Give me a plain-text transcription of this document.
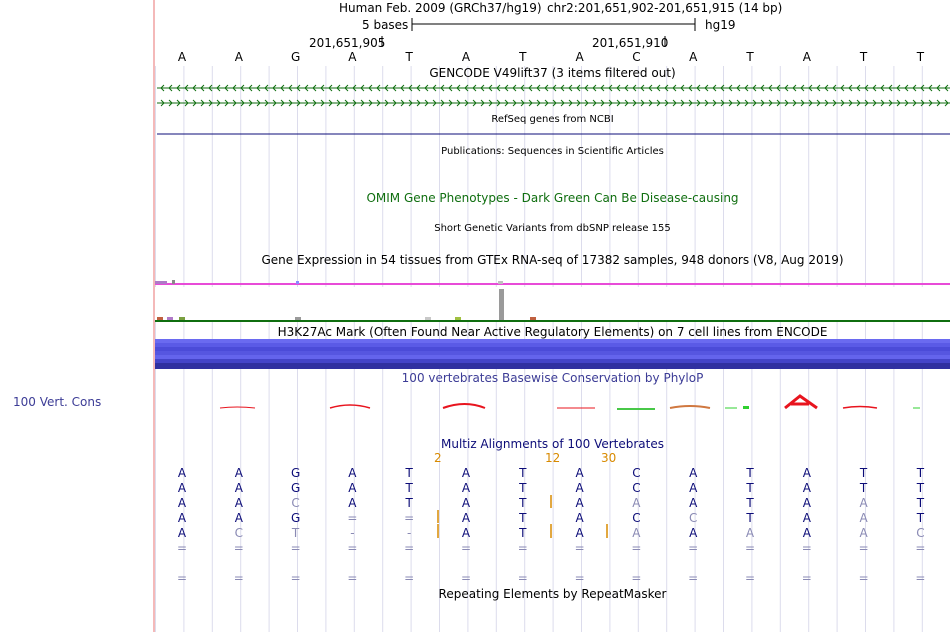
100 Vert. Cons
Human Feb. 2009 (GRCh37/hg19) chr2:201,651,902-201,651,915 (14 bp)
5 bases	hg19
201,651,905	201,651,910
A	A	G	A	T	A	T	A	C	A	T	A	T	T
GENCODE V49lift37 (3 items filtered out)
RefSeq genes from NCBI
Publications: Sequences in Scientific Articles
OMIM Gene Phenotypes - Dark Green Can Be Disease-causing
Short Genetic Variants from dbSNP release 155
Gene Expression in 54 tissues from GTEx RNA-seq of 17382 samples, 948 donors (V8, Aug 2019)
H3K27Ac Mark (Often Found Near Active Regulatory Elements) on 7 cell lines from ENCODE
100 vertebrates Basewise Conservation by PhyloP
Multiz Alignments of 100 Vertebrates
2	12	30
A	A	G	A	T	A	T	A	C	A	T	A	T	T
A	A	G	A	T	A	T	A	C	A	T	A	T	T
A	A	C	A	T	A	T	A	A	A	T	A	A	T
A	A	G	=	=	A	T	A	C	C	T	A	A	T
A	C	T	-	-	A	T	A	A	A	A	A	A	C
=	=	=	=	=	=	=	=	=	=	=	=	=	=
=	=	=	=	=	=	=	=	=	=	=	=	=	=
Repeating Elements by RepeatMasker
